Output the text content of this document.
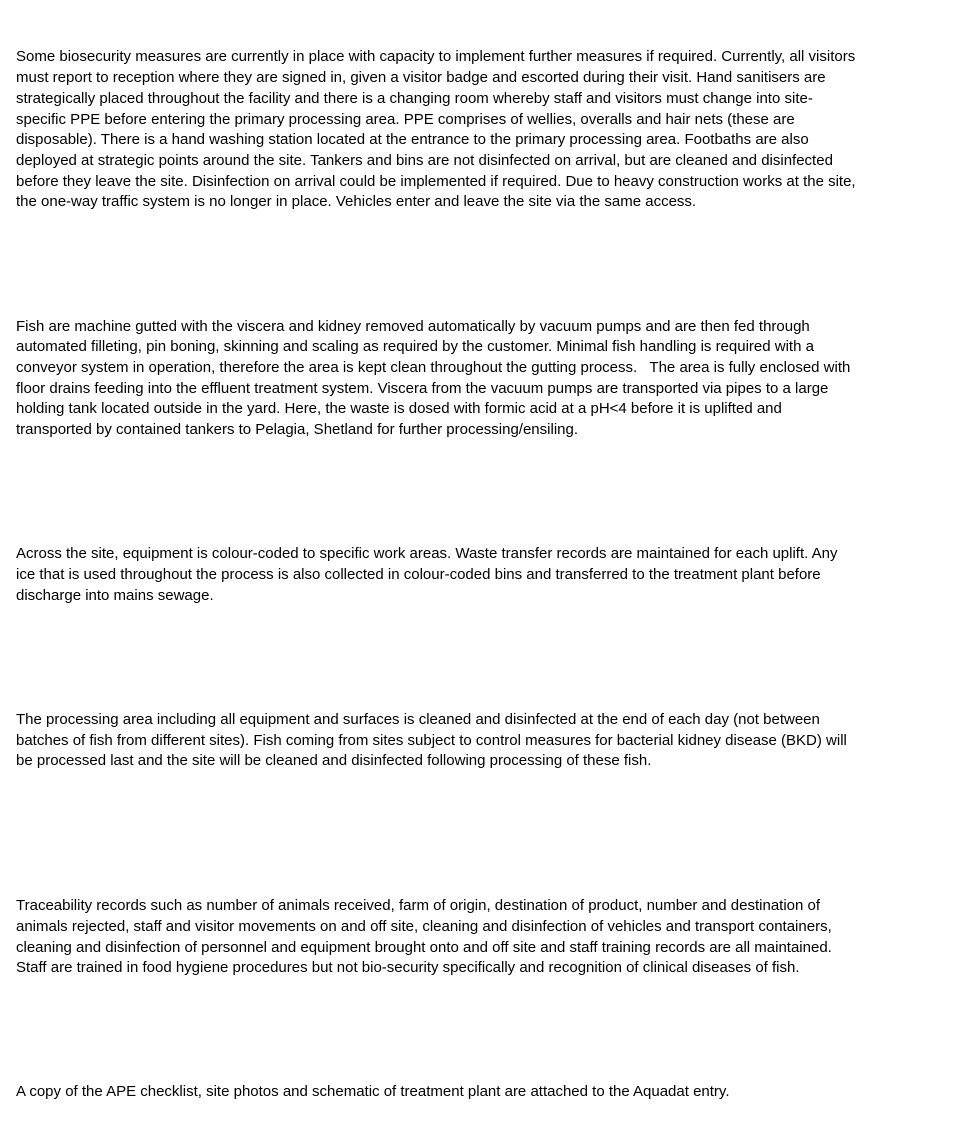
Some biosecurity measures are currently in place with capacity to implement further measures if required. Currently, all visitors
must report to reception where they are signed in, given a visitor badge and escorted during their visit. Hand sanitisers are
strategically placed throughout the facility and there is a changing room whereby staff and visitors must change into site-
specific PPE before entering the primary processing area. PPE comprises of wellies, overalls and hair nets (these are
disposable). There is a hand washing station located at the entrance to the primary processing area. Footbaths are also
deployed at strategic points around the site. Tankers and bins are not disinfected on arrival, but are cleaned and disinfected
before they leave the site. Disinfection on arrival could be implemented if required. Due to heavy construction works at the site,
the one-way traffic system is no longer in place. Vehicles enter and leave the site via the same access.

Fish are machine gutted with the viscera and kidney removed automatically by vacuum pumps and are then fed through
automated filleting, pin boning, skinning and scaling as required by the customer. Minimal fish handling is required with a
conveyor system in operation, therefore the area is kept clean throughout the gutting process.   The area is fully enclosed with
floor drains feeding into the effluent treatment system. Viscera from the vacuum pumps are transported via pipes to a large
holding tank located outside in the yard. Here, the waste is dosed with formic acid at a pH<4 before it is uplifted and
transported by contained tankers to Pelagia, Shetland for further processing/ensiling.

Across the site, equipment is colour-coded to specific work areas. Waste transfer records are maintained for each uplift. Any
ice that is used throughout the process is also collected in colour-coded bins and transferred to the treatment plant before
discharge into mains sewage.

The processing area including all equipment and surfaces is cleaned and disinfected at the end of each day (not between
batches of fish from different sites). Fish coming from sites subject to control measures for bacterial kidney disease (BKD) will
be processed last and the site will be cleaned and disinfected following processing of these fish.

Traceability records such as number of animals received, farm of origin, destination of product, number and destination of
animals rejected, staff and visitor movements on and off site, cleaning and disinfection of vehicles and transport containers,
cleaning and disinfection of personnel and equipment brought onto and off site and staff training records are all maintained.
Staff are trained in food hygiene procedures but not bio-security specifically and recognition of clinical diseases of fish.

A copy of the APE checklist, site photos and schematic of treatment plant are attached to the Aquadat entry.
